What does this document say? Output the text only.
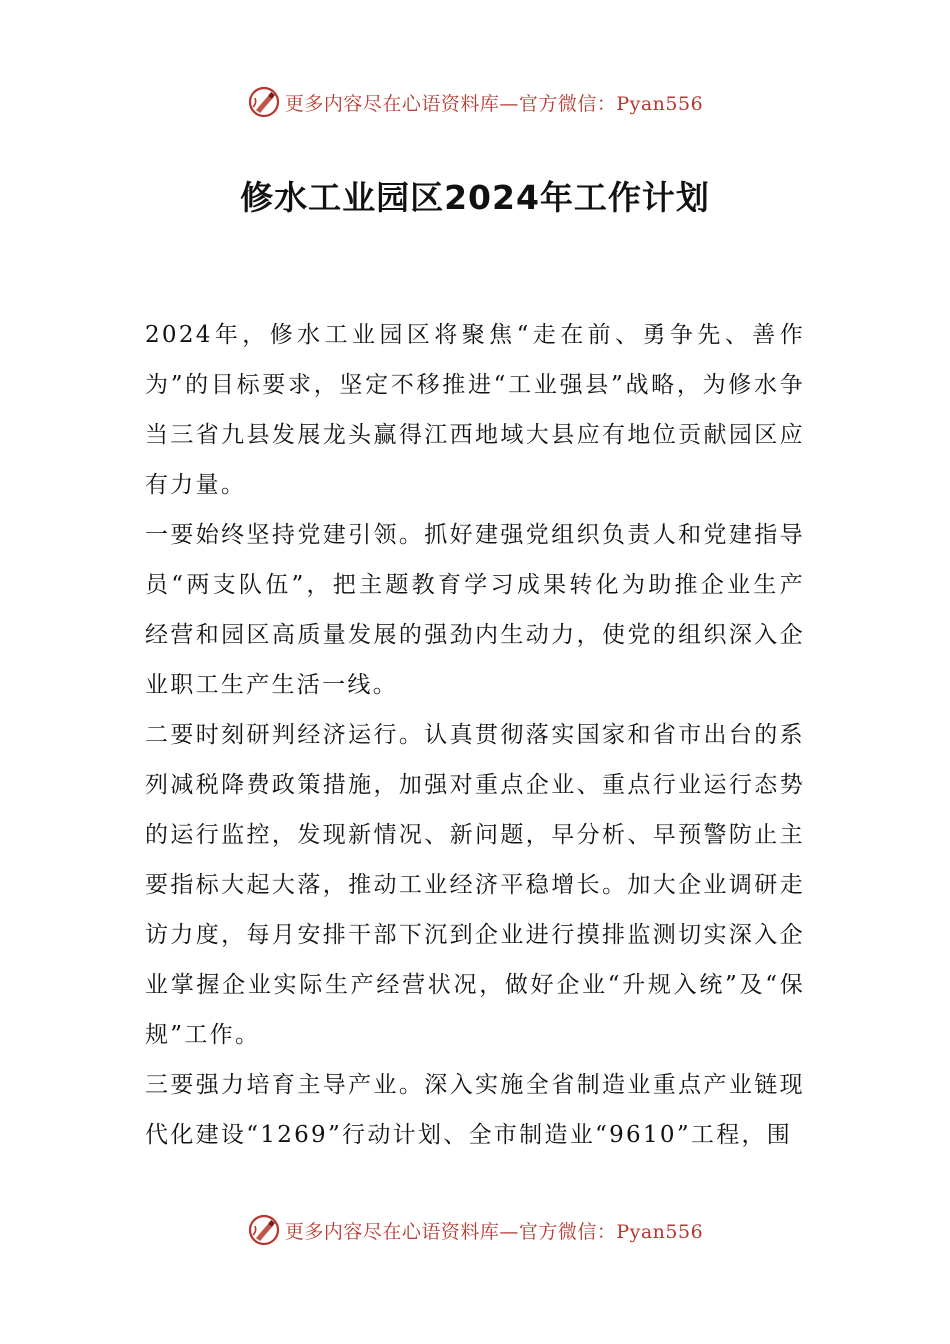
更多内容尽在心语资料库—官方微信：Pyan556
修水工业园区2024年工作计划

2024年，修水工业园区将聚焦“走在前、勇争先、善作为”的目标要求，坚定不移推进“工业强县”战略，为修水争当三省九县发展龙头赢得江西地域大县应有地位贡献园区应有力量。

一要始终坚持党建引领。抓好建强党组织负责人和党建指导员“两支队伍”，把主题教育学习成果转化为助推企业生产经营和园区高质量发展的强劲内生动力，使党的组织深入企业职工生产生活一线。

二要时刻研判经济运行。认真贯彻落实国家和省市出台的系列减税降费政策措施，加强对重点企业、重点行业运行态势的运行监控，发现新情况、新问题，早分析、早预警防止主要指标大起大落，推动工业经济平稳增长。加大企业调研走访力度，每月安排干部下沉到企业进行摸排监测切实深入企业掌握企业实际生产经营状况，做好企业“升规入统”及“保规”工作。

三要强力培育主导产业。深入实施全省制造业重点产业链现代化建设“1269”行动计划、全市制造业“9610”工程，围

更多内容尽在心语资料库—官方微信：Pyan556
